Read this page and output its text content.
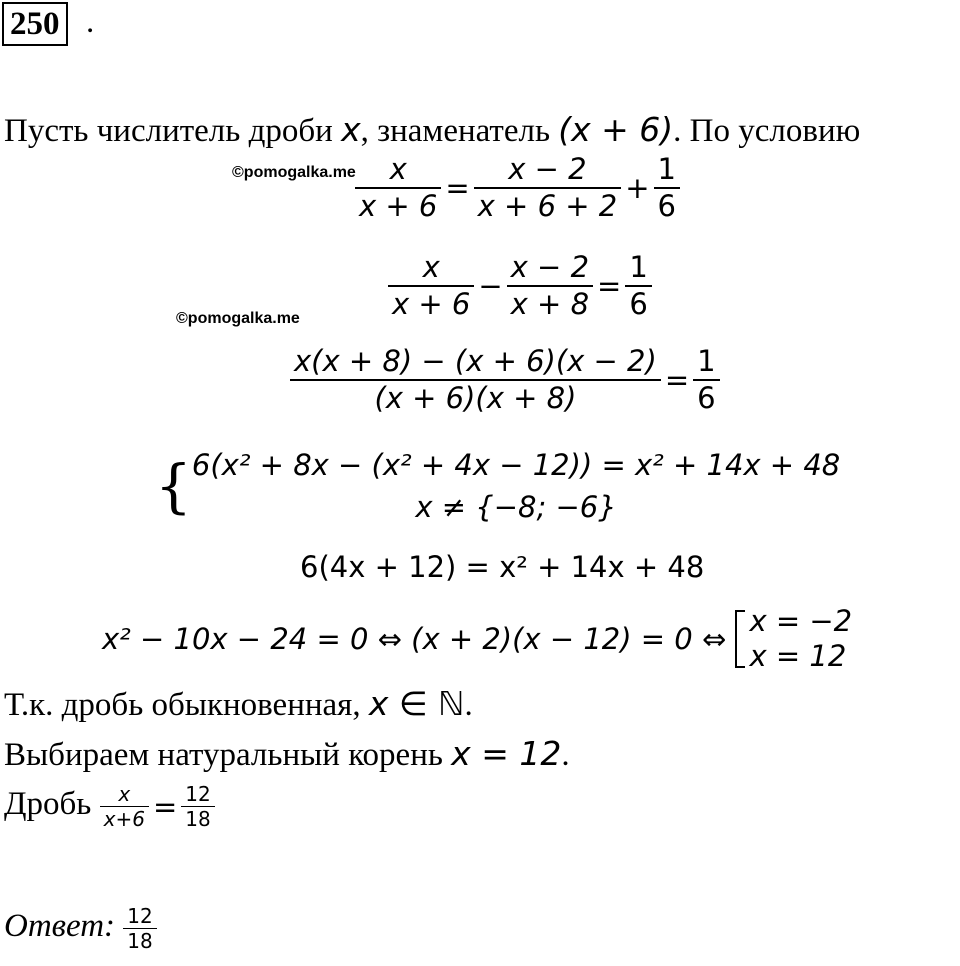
250 .
Пусть числитель дроби x, знаменатель (x + 6). По условию
©pomogalka.me
©pomogalka.me
$\frac{x}{x + 6} = \frac{x - 2}{x + 6 + 2} + \frac{1}{6}$
$\frac{x}{x + 6} - \frac{x - 2}{x + 8} = \frac{1}{6}$
$\frac{x(x + 8) - (x + 6)(x - 2)}{(x + 6)(x + 8)} = \frac{1}{6}$
{ 6(x² + 8x − (x² + 4x − 12)) = x² + 14x + 48
x ≠ {−8; −6}
6(4x + 12) = x² + 14x + 48
x² − 10x − 24 = 0 ⇔ (x + 2)(x − 12) = 0 ⇔
x = −2
x = 12
Т.к. дробь обыкновенная, x ∈ ℕ.
Выбираем натуральный корень x = 12.
Дробь $\frac{x}{x+6} = \frac{12}{18}$
Ответ: $\frac{12}{18}$
